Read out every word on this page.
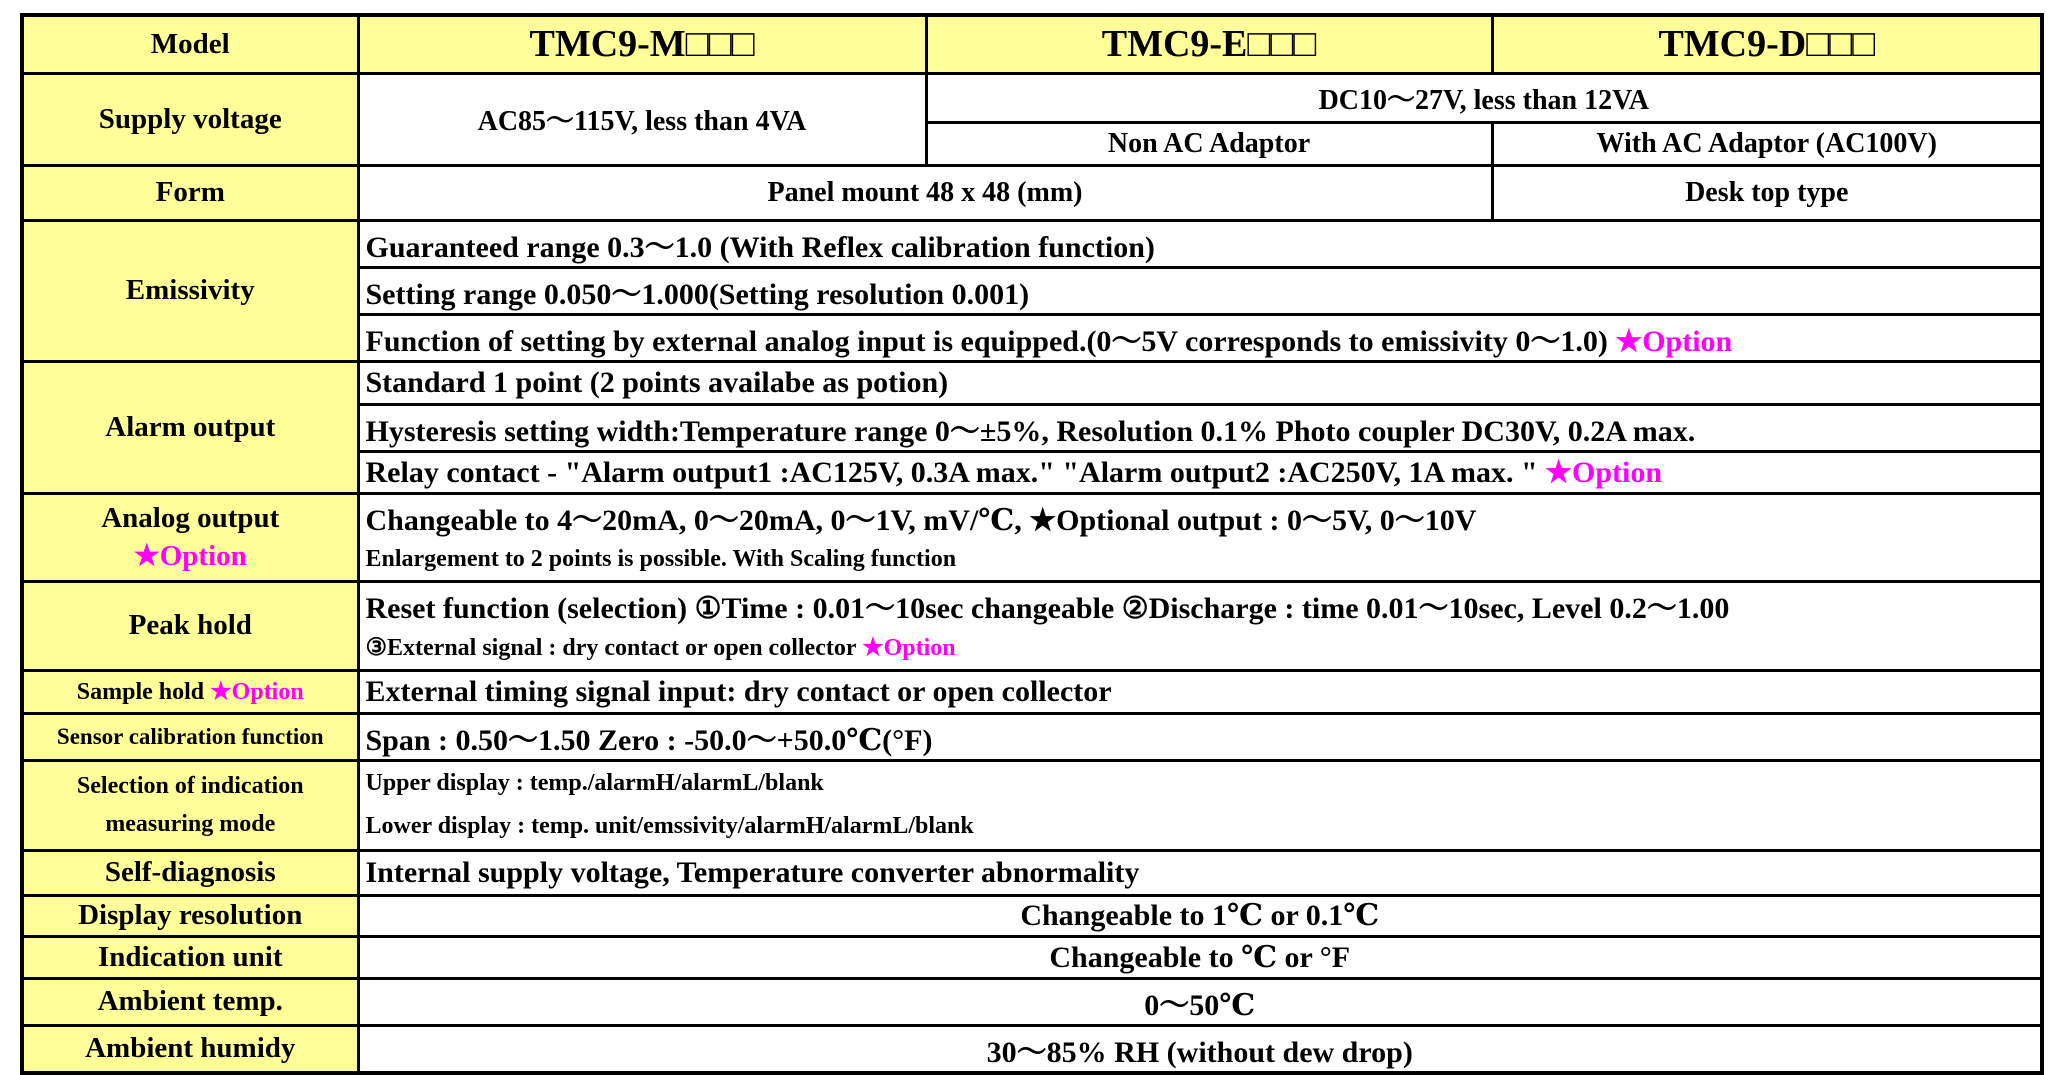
Model	TMC9-M□□□	TMC9-E□□□	TMC9-D□□□
Supply voltage	AC85〜115V, less than 4VA	DC10〜27V, less than 12VA	
		Non AC Adaptor	With AC Adaptor (AC100V)
Form	Panel mount 48 x 48 (mm)		Desk top type
Emissivity	Guaranteed range 0.3〜1.0 (With Reflex calibration function)		
	Setting range 0.050〜1.000(Setting resolution 0.001)		
	Function of setting by external analog input is equipped.(0〜5V corresponds to emissivity 0〜1.0) ★Option		
Alarm output	Standard 1 point (2 points availabe as potion)		
	Hysteresis setting width:Temperature range 0〜±5%, Resolution 0.1% Photo coupler DC30V, 0.2A max.		
	Relay contact - "Alarm output1 :AC125V, 0.3A max." "Alarm output2 :AC250V, 1A max. " ★Option		

Analog output
★Option	Changeable to 4〜20mA, 0〜20mA, 0〜1V, mV/℃, ★Optional output : 0〜5V, 0〜10V		
	Enlargement to 2 points is possible. With Scaling function		
Peak hold	Reset function (selection) ①Time : 0.01〜10sec changeable ②Discharge : time 0.01〜10sec, Level 0.2〜1.00		
	③External signal : dry contact or open collector ★Option		
Sample hold ★Option	External timing signal input: dry contact or open collector		
Sensor calibration function	Span : 0.50〜1.50 Zero : -50.0〜+50.0℃(°F)		

Selection of indication
measuring mode	Upper display : temp./alarmH/alarmL/blank		
	Lower display : temp. unit/emssivity/alarmH/alarmL/blank		
Self-diagnosis	Internal supply voltage, Temperature converter abnormality		
Display resolution	Changeable to 1℃ or 0.1℃		
Indication unit	Changeable to ℃ or °F		
Ambient temp.	0〜50℃		
Ambient humidy	30〜85% RH (without dew drop)		
